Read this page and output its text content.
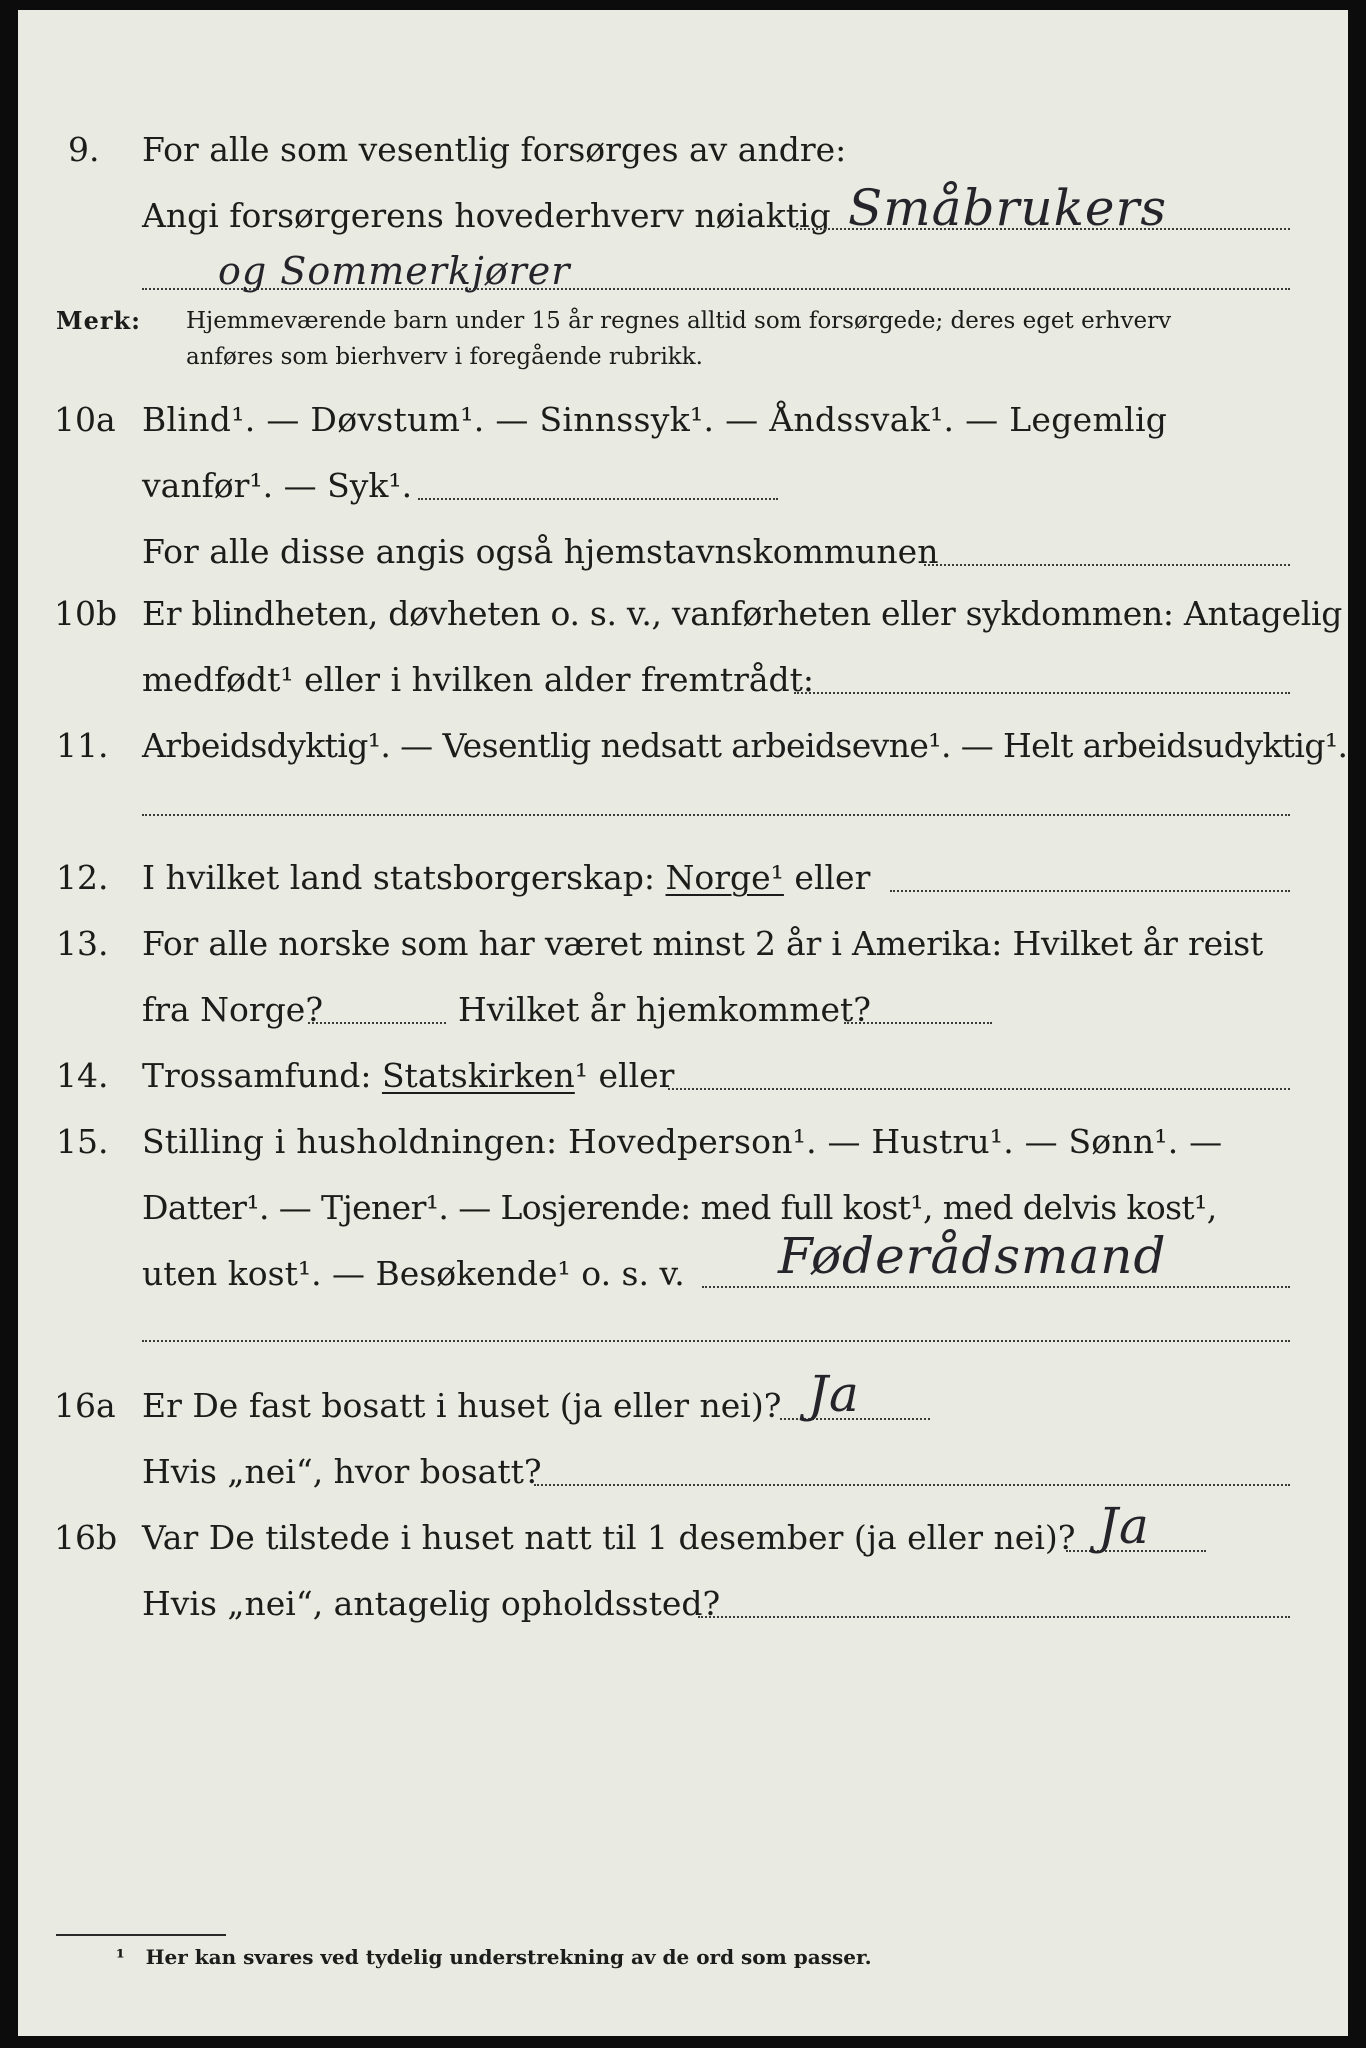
9. For alle som vesentlig forsørges av andre:
Angi forsørgerens hovederhverv nøiaktig Småbrukers
og Sommerkjører
Merk: Hjemmeværende barn under 15 år regnes alltid som forsørgede; deres eget erhverv
anføres som bierhverv i foregående rubrikk.
10a Blind¹. — Døvstum¹. — Sinnssyk¹. — Åndssvak¹. — Legemlig
vanfør¹. — Syk¹.
For alle disse angis også hjemstavnskommunen
10b Er blindheten, døvheten o. s. v., vanførheten eller sykdommen: Antagelig
medfødt¹ eller i hvilken alder fremtrådt:
11. Arbeidsdyktig¹. — Vesentlig nedsatt arbeidsevne¹. — Helt arbeidsudyktig¹.
12. I hvilket land statsborgerskap: Norge¹ eller
13. For alle norske som har været minst 2 år i Amerika: Hvilket år reist
fra Norge?	Hvilket år hjemkommet?
14. Trossamfund: Statskirken¹ eller
15. Stilling i husholdningen: Hovedperson¹. — Hustru¹. — Sønn¹. —
Datter¹. — Tjener¹. — Losjerende: med full kost¹, med delvis kost¹,
uten kost¹. — Besøkende¹ o. s. v. Føderådsmand
16a Er De fast bosatt i huset (ja eller nei)? Ja
Hvis „nei“, hvor bosatt?
16b Var De tilstede i huset natt til 1 desember (ja eller nei)? Ja
Hvis „nei“, antagelig opholdssted?
¹ Her kan svares ved tydelig understrekning av de ord som passer.
